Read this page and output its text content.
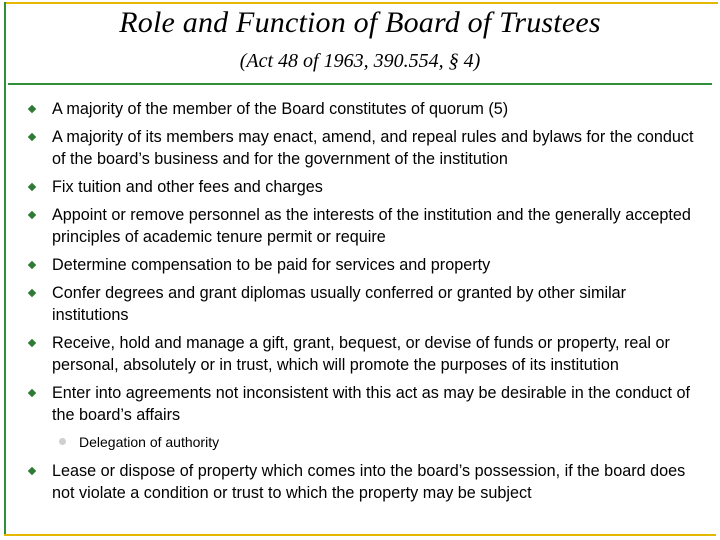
Role and Function of Board of Trustees
(Act 48 of 1963, 390.554, § 4)
A majority of the member of the Board constitutes of quorum (5)
A majority of its members may enact, amend, and repeal rules and bylaws for the conduct of the board’s business and for the government of the institution
Fix tuition and other fees and charges
Appoint or remove personnel as the interests of the institution and the generally accepted principles of academic tenure permit or require
Determine compensation to be paid for services and property
Confer degrees and grant diplomas usually conferred or granted by other similar institutions
Receive, hold and manage a gift, grant, bequest, or devise of funds or property, real or personal, absolutely or in trust, which will promote the purposes of its institution
Enter into agreements not inconsistent with this act as may be desirable in the conduct of the board’s affairs
Delegation of authority
Lease or dispose of property which comes into the board’s possession, if the board does not violate a condition or trust to which the property may be subject
